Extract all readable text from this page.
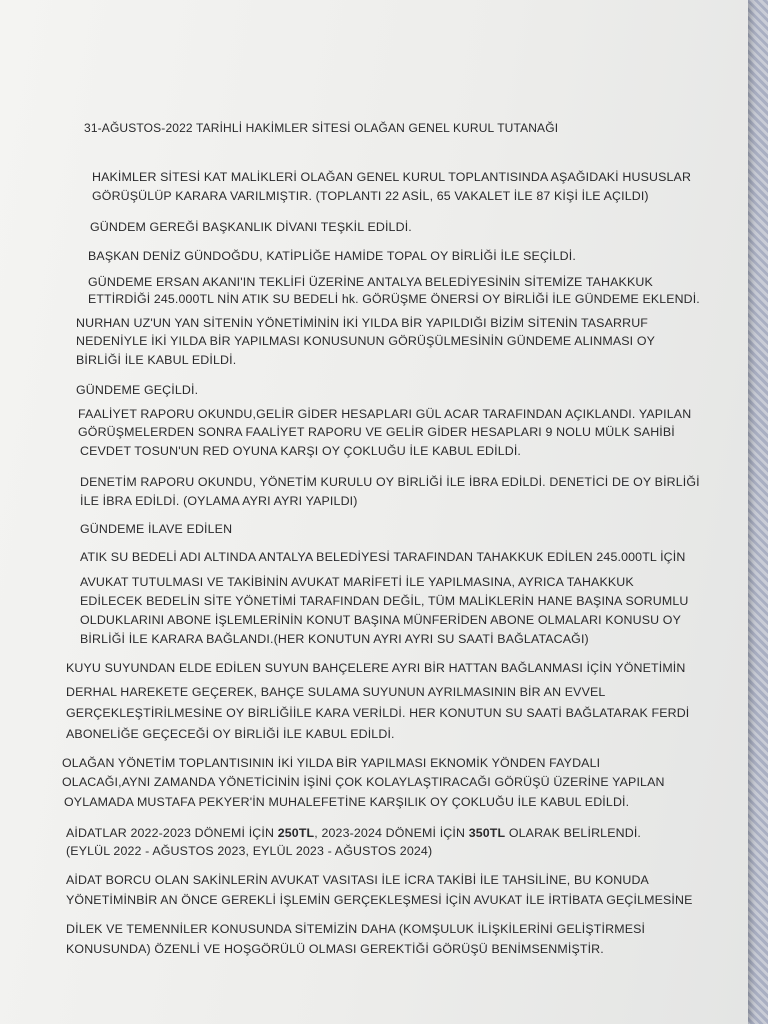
31-AĞUSTOS-2022 TARİHLİ HAKİMLER SİTESİ OLAĞAN GENEL KURUL TUTANAĞI
HAKİMLER SİTESİ KAT MALİKLERİ OLAĞAN GENEL KURUL TOPLANTISINDA AŞAĞIDAKİ HUSUSLAR
GÖRÜŞÜLÜP KARARA VARILMIŞTIR. (TOPLANTI 22 ASİL, 65 VAKALET İLE 87 KİŞİ İLE AÇILDI)
GÜNDEM GEREĞİ BAŞKANLIK DİVANI TEŞKİL EDİLDİ.
BAŞKAN DENİZ GÜNDOĞDU, KATİPLİĞE HAMİDE TOPAL OY BİRLİĞİ İLE SEÇİLDİ.
GÜNDEME ERSAN AKANI'IN TEKLİFİ ÜZERİNE ANTALYA BELEDİYESİNİN SİTEMİZE TAHAKKUK
ETTİRDİĞİ 245.000TL NİN ATIK SU BEDELİ hk. GÖRÜŞME ÖNERSİ OY BİRLİĞİ İLE GÜNDEME EKLENDİ.
NURHAN UZ'UN YAN SİTENİN YÖNETİMİNİN İKİ YILDA BİR YAPILDIĞI BİZİM SİTENİN TASARRUF
NEDENİYLE İKİ YILDA BİR YAPILMASI KONUSUNUN GÖRÜŞÜLMESİNİN GÜNDEME ALINMASI OY
BİRLİĞİ İLE KABUL EDİLDİ.
GÜNDEME GEÇİLDİ.
FAALİYET RAPORU OKUNDU,GELİR GİDER HESAPLARI GÜL ACAR TARAFINDAN AÇIKLANDI. YAPILAN
GÖRÜŞMELERDEN SONRA FAALİYET RAPORU VE GELİR GİDER HESAPLARI 9 NOLU MÜLK SAHİBİ
CEVDET TOSUN'UN RED OYUNA KARŞI OY ÇOKLUĞU İLE KABUL EDİLDİ.
DENETİM RAPORU OKUNDU, YÖNETİM KURULU OY BİRLİĞİ İLE İBRA EDİLDİ. DENETİCİ DE OY BİRLİĞİ
İLE İBRA EDİLDİ. (OYLAMA AYRI AYRI YAPILDI)
GÜNDEME İLAVE EDİLEN
ATIK SU BEDELİ ADI ALTINDA ANTALYA BELEDİYESİ TARAFINDAN TAHAKKUK EDİLEN 245.000TL İÇİN
AVUKAT TUTULMASI VE TAKİBİNİN AVUKAT MARİFETİ İLE YAPILMASINA, AYRICA TAHAKKUK
EDİLECEK BEDELİN SİTE YÖNETİMİ TARAFINDAN DEĞİL, TÜM MALİKLERİN HANE BAŞINA SORUMLU
OLDUKLARINI ABONE İŞLEMLERİNİN KONUT BAŞINA MÜNFERİDEN ABONE OLMALARI KONUSU OY
BİRLİĞİ İLE KARARA BAĞLANDI.(HER KONUTUN AYRI AYRI SU SAATİ BAĞLATACAĞI)
KUYU SUYUNDAN ELDE EDİLEN SUYUN BAHÇELERE AYRI BİR HATTAN BAĞLANMASI İÇİN YÖNETİMİN
DERHAL HAREKETE GEÇEREK, BAHÇE SULAMA SUYUNUN AYRILMASININ BİR AN EVVEL
GERÇEKLEŞTİRİLMESİNE OY BİRLİĞİİLE KARA VERİLDİ. HER KONUTUN SU SAATİ BAĞLATARAK FERDİ
ABONELİĞE GEÇECEĞİ OY BİRLİĞİ İLE KABUL EDİLDİ.
OLAĞAN YÖNETİM TOPLANTISININ İKİ YILDA BİR YAPILMASI EKNOMİK YÖNDEN FAYDALI
OLACAĞI,AYNI ZAMANDA YÖNETİCİNİN İŞİNİ ÇOK KOLAYLAŞTIRACAĞI GÖRÜŞÜ ÜZERİNE YAPILAN
OYLAMADA MUSTAFA PEKYER'İN MUHALEFETİNE KARŞILIK OY ÇOKLUĞU İLE KABUL EDİLDİ.
AİDATLAR 2022-2023 DÖNEMİ İÇİN 250TL, 2023-2024 DÖNEMİ İÇİN 350TL OLARAK BELİRLENDİ.
(EYLÜL 2022 - AĞUSTOS 2023, EYLÜL 2023 - AĞUSTOS 2024)
AİDAT BORCU OLAN SAKİNLERİN AVUKAT VASITASI İLE İCRA TAKİBİ İLE TAHSİLİNE, BU KONUDA
YÖNETİMİNBİR AN ÖNCE GEREKLİ İŞLEMİN GERÇEKLEŞMESİ İÇİN AVUKAT İLE İRTİBATA GEÇİLMESİNE
DİLEK VE TEMENNİLER KONUSUNDA SİTEMİZİN DAHA (KOMŞULUK İLİŞKİLERİNİ GELİŞTİRMESİ
KONUSUNDA) ÖZENLİ VE HOŞGÖRÜLÜ OLMASI GEREKTİĞİ GÖRÜŞÜ BENİMSENMİŞTİR.
